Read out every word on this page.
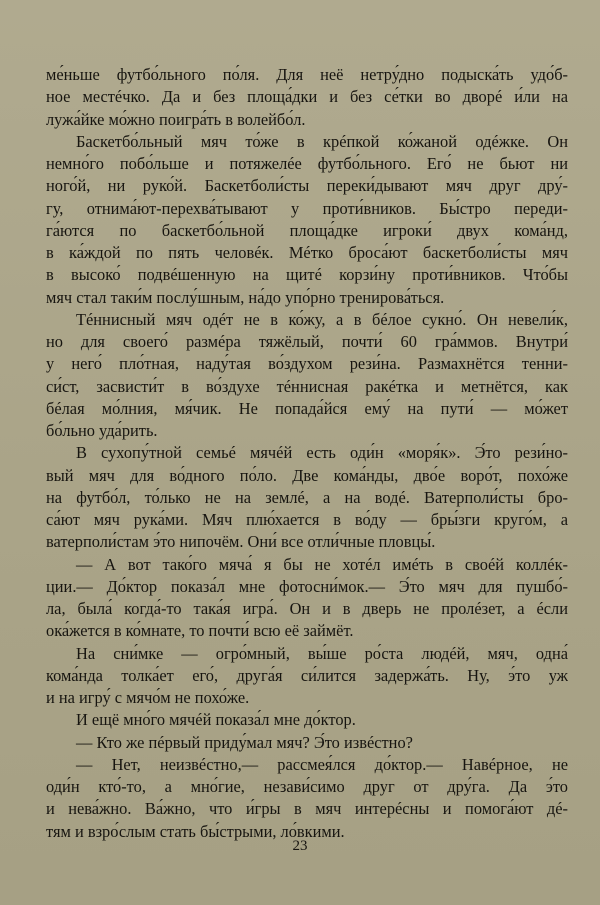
ме́ньше футбо́льного по́ля. Для неё нетру́дно подыска́ть удо́б-
ное местéчко. Да и без площа́дки и без се́тки во дворé и́ли на
лужа́йке мо́жно поигра́ть в волейбо́л.
Баскетбо́льный мяч то́же в крéпкой ко́жаной одéжке. Он
немно́го побо́льше и потяжелéе футбо́льного. Его́ не бьют ни
ного́й, ни руко́й. Баскетболи́сты переки́дывают мяч друг дру́-
гу, отнима́ют-перехва́тывают у проти́вников. Бы́стро переди-
га́ются по баскетбо́льной площа́дке игроки́ двух кома́нд,
в ка́ждой по пять человéк. Мéтко броса́ют баскетболи́сты мяч
в высоко́ подвéшенную на щитé корзи́ну проти́вников. Что́бы
мяч стал таки́м послу́шным, на́до упо́рно тренирова́ться.
Тéннисный мяч одéт не в ко́жу, а в бéлое сукно́. Он невели́к,
но для своего́ размéра тяжёлый, почти́ 60 гра́ммов. Внутри́
у него́ пло́тная, наду́тая во́здухом рези́на. Размахнётся тенни-
си́ст, засвисти́т в во́здухе тéннисная ракéтка и метнётся, как
бéлая мо́лния, мя́чик. Не попада́йся ему́ на пути́ — мо́жет
бо́льно уда́рить.
В сухопу́тной семьé мячéй есть оди́н «моря́к». Э́то рези́но-
вый мяч для во́дного по́ло. Две кома́нды, дво́е воро́т, похо́же
на футбо́л, то́лько не на землé, а на водé. Ватерполи́сты бро-
са́ют мяч рука́ми. Мяч плю́хается в во́ду — бры́зги круго́м, а
ватерполи́стам э́то нипочём. Они́ все отли́чные пловцы́.
— А вот тако́го мяча́ я бы не хотéл имéть в своéй коллéк-
ции.— До́ктор показа́л мне фотосни́мок.— Э́то мяч для пушбо́-
ла, была́ когда́-то така́я игра́. Он и в дверь не пролéзет, а éсли
ока́жется в ко́мнате, то почти́ всю её займёт.
На сни́мке — огро́мный, вы́ше ро́ста людéй, мяч, одна́
кома́нда толка́ет его́, друга́я си́лится задержа́ть. Ну, э́то уж
и на игру́ с мячо́м не похо́же.
И ещё мно́го мячéй показа́л мне до́ктор.
— Кто же пéрвый приду́мал мяч? Э́то извéстно?
— Нет, неизвéстно,— рассмея́лся до́ктор.— Навéрное, не
оди́н кто́-то, а мно́гие, незави́симо друг от дру́га. Да э́то
и нева́жно. Ва́жно, что и́гры в мяч интерéсны и помога́ют дé-
тям и взро́слым стать бы́стрыми, ло́вкими.
23
